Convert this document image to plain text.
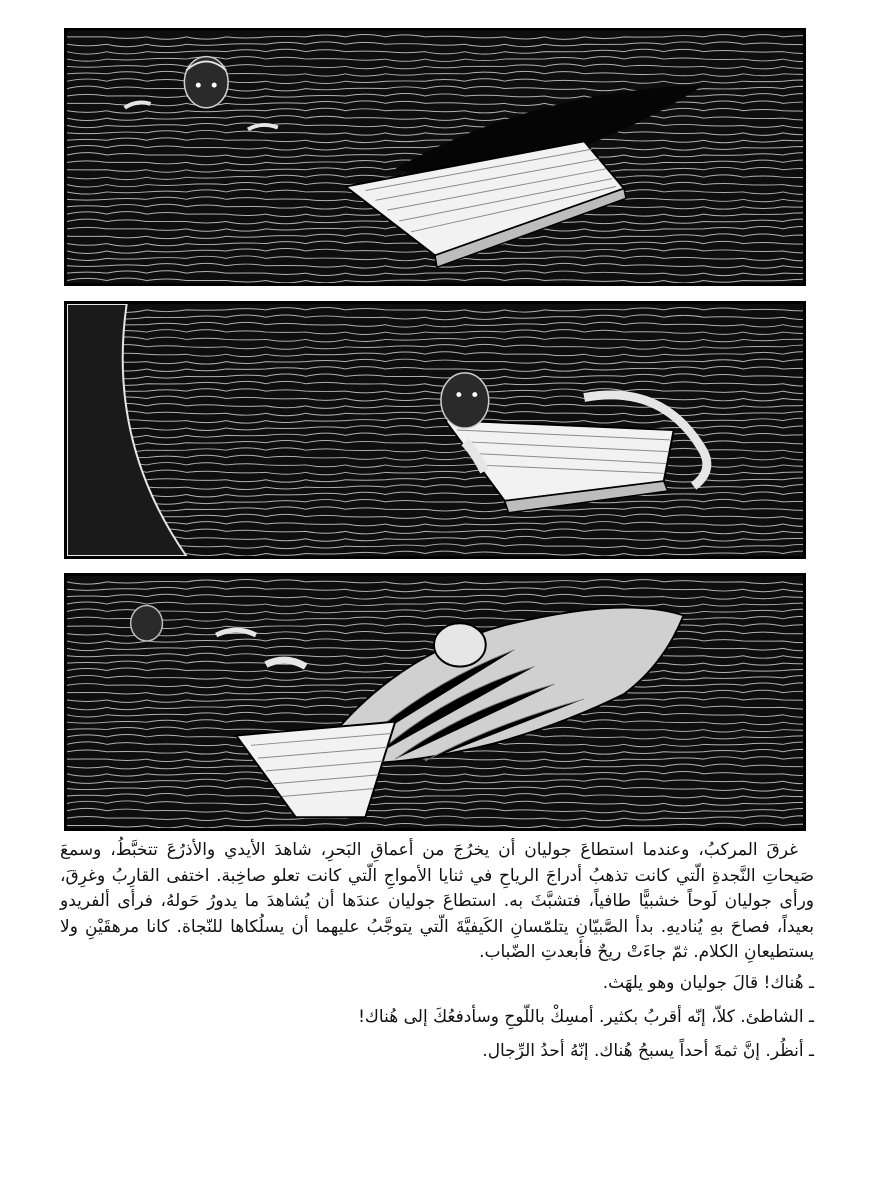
غرقَ المركبُ، وعندما استطاعَ جوليان أن يخرُجَ من أعماقِ البَحرِ، شاهدَ الأيدي والأذرُعَ تتخبَّطُ، وسمعَ صَيحاتِ النَّجدةِ الّتي كانت تذهبُ أدراجَ الرياحِ في ثنايا الأمواجِ الّتي كانت تعلو صاخِبة. اختفى القارِبُ وغرِقَ، ورأى جوليان لَوحاً خشبيًّا طافياً، فتشبَّثَ به. استطاعَ جوليان عندَها أن يُشاهدَ ما يدورُ حَولهُ، فرأى ألفريدو بعيداً، فصاحَ بهِ يُناديهِ. بدأ الصَّبيّانِ يتلمّسانِ الكَيفيَّةَ الّتي يتوجَّبُ عليهما أن يسلُكاها للنّجاة. كانا مرهقَيْنِ ولا يستطيعانِ الكلام. ثمّ جاءَتْ ريحٌ فأبعدتِ الضّباب.

ـ هُناك! قالَ جوليان وهو يلهَث.

ـ الشاطئ. كلاّ، إنّه أقربُ بكثير. أمسِكْ باللّوحِ وسأدفعُكَ إلى هُناك!

ـ أنظُر. إنَّ ثمةَ أحداً يسبحُ هُناك. إنّهُ أحدُ الرِّجال.
